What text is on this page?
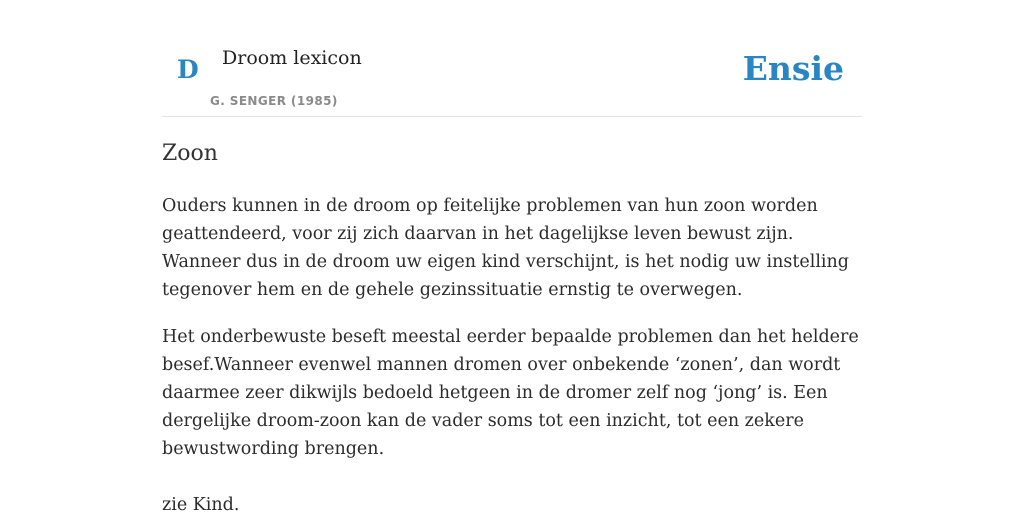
D Droom lexicon
G. SENGER (1985)
Ensie
Zoon

Ouders kunnen in de droom op feitelijke problemen van hun zoon worden geattendeerd, voor zij zich daarvan in het dagelijkse leven bewust zijn. Wanneer dus in de droom uw eigen kind verschijnt, is het nodig uw instelling tegenover hem en de gehele gezinssituatie ernstig te overwegen.

Het onderbewuste beseft meestal eerder bepaalde problemen dan het heldere besef.Wanneer evenwel mannen dromen over onbekende ‘zonen’, dan wordt daarmee zeer dikwijls bedoeld hetgeen in de dromer zelf nog ‘jong’ is. Een dergelijke droom-zoon kan de vader soms tot een inzicht, tot een zekere bewustwording brengen.

zie Kind.
